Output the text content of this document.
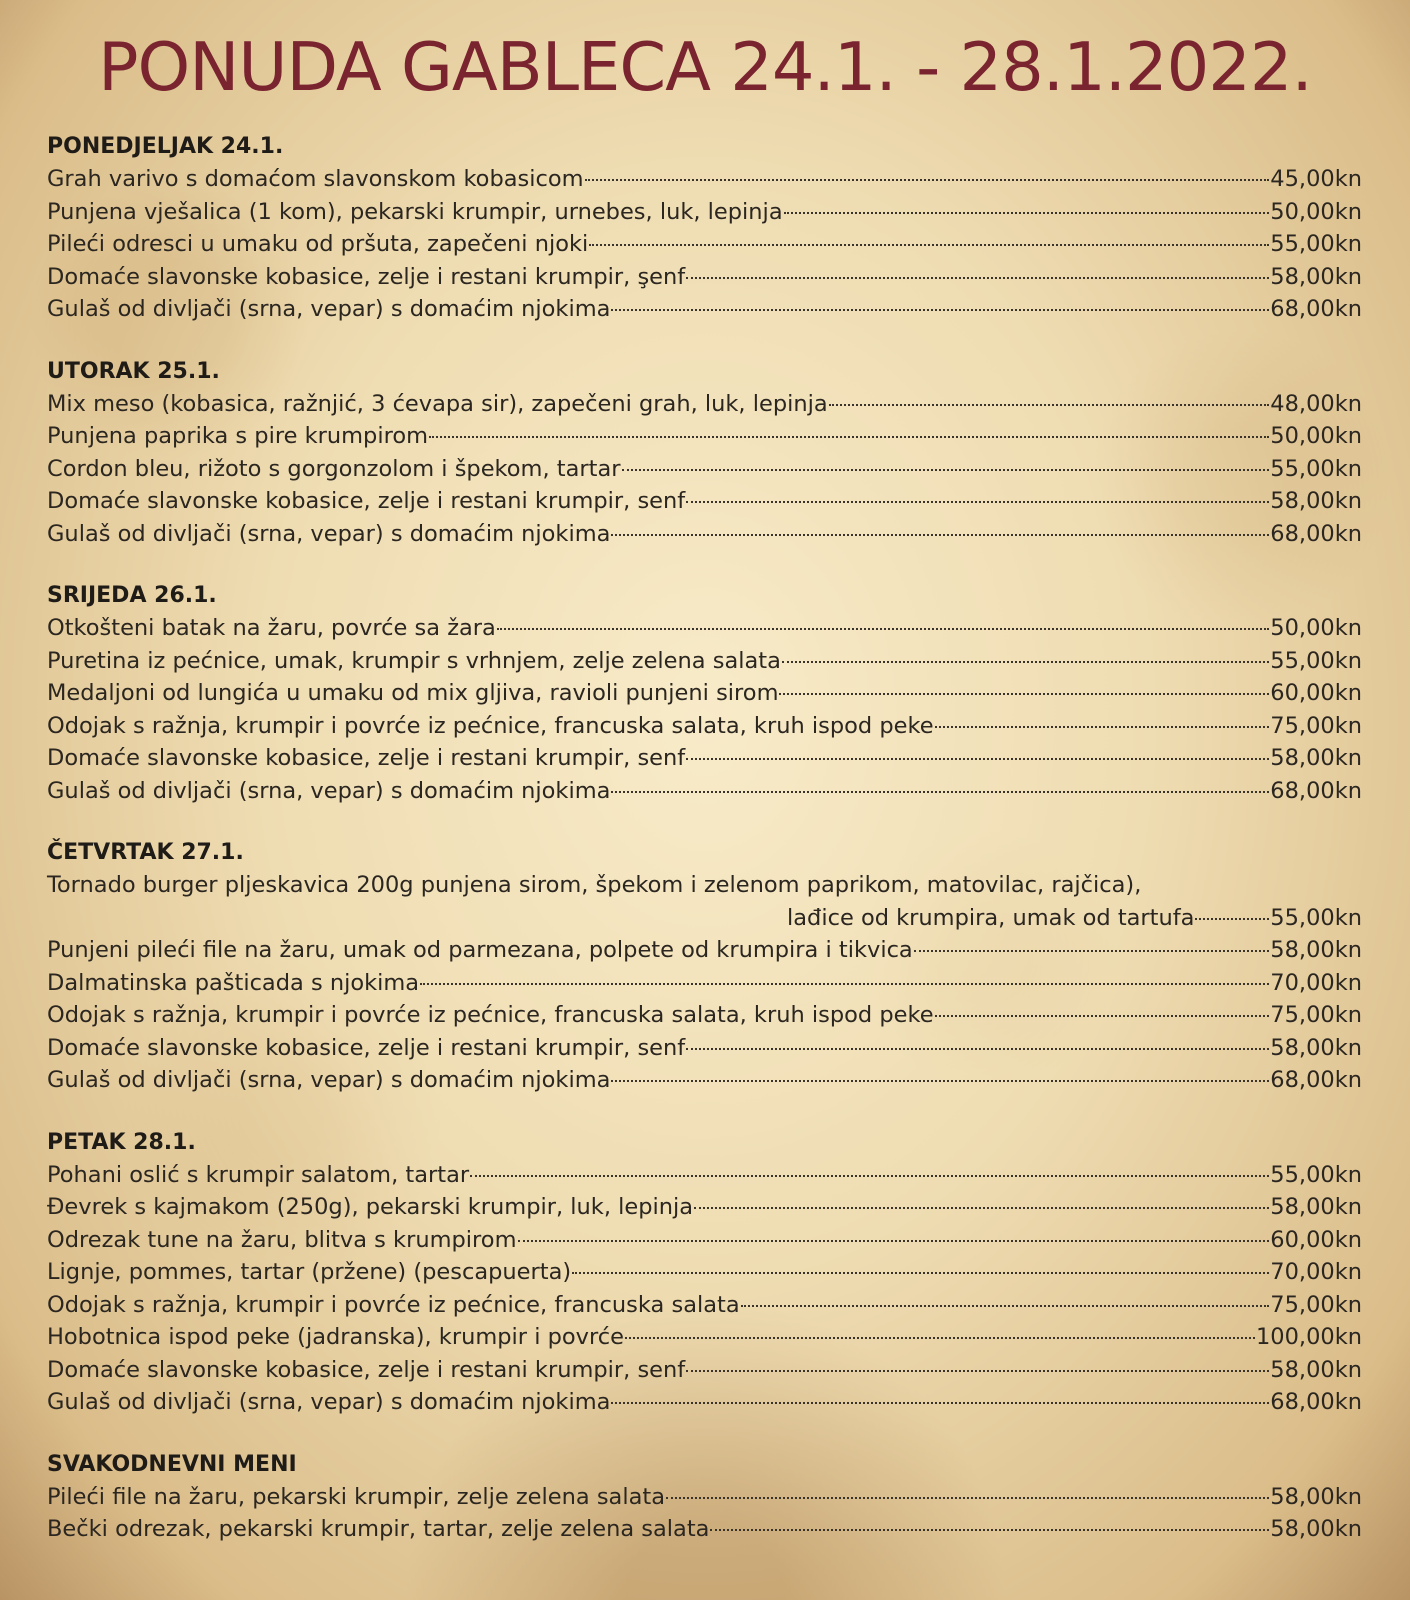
PONUDA GABLECA 24.1. - 28.1.2022.
PONEDJELJAK 24.1.
Grah varivo s domaćom slavonskom kobasicom	45,00kn
Punjena vješalica (1 kom), pekarski krumpir, urnebes, luk, lepinja	50,00kn
Pileći odresci u umaku od pršuta, zapečeni njoki	55,00kn
Domaće slavonske kobasice, zelje i restani krumpir, şenf	58,00kn
Gulaš od divljači (srna, vepar) s domaćim njokima	68,00kn
UTORAK 25.1.
Mix meso (kobasica, ražnjić, 3 ćevapa sir), zapečeni grah, luk, lepinja	48,00kn
Punjena paprika s pire krumpirom	50,00kn
Cordon bleu, rižoto s gorgonzolom i špekom, tartar	55,00kn
Domaće slavonske kobasice, zelje i restani krumpir, senf	58,00kn
Gulaš od divljači (srna, vepar) s domaćim njokima	68,00kn
SRIJEDA 26.1.
Otkošteni batak na žaru, povrće sa žara	50,00kn
Puretina iz pećnice, umak, krumpir s vrhnjem, zelje zelena salata	55,00kn
Medaljoni od lungića u umaku od mix gljiva, ravioli punjeni sirom	60,00kn
Odojak s ražnja, krumpir i povrće iz pećnice, francuska salata, kruh ispod peke	75,00kn
Domaće slavonske kobasice, zelje i restani krumpir, senf	58,00kn
Gulaš od divljači (srna, vepar) s domaćim njokima	68,00kn
ČETVRTAK 27.1.
Tornado burger pljeskavica 200g punjena sirom, špekom i zelenom paprikom, matovilac, rajčica),
lađice od krumpira, umak od tartufa	55,00kn
Punjeni pileći file na žaru, umak od parmezana, polpete od krumpira i tikvica	58,00kn
Dalmatinska pašticada s njokima	70,00kn
Odojak s ražnja, krumpir i povrće iz pećnice, francuska salata, kruh ispod peke	75,00kn
Domaće slavonske kobasice, zelje i restani krumpir, senf	58,00kn
Gulaš od divljači (srna, vepar) s domaćim njokima	68,00kn
PETAK 28.1.
Pohani oslić s krumpir salatom, tartar	55,00kn
Đevrek s kajmakom (250g), pekarski krumpir, luk, lepinja	58,00kn
Odrezak tune na žaru, blitva s krumpirom	60,00kn
Lignje, pommes, tartar (pržene) (pescapuerta)	70,00kn
Odojak s ražnja, krumpir i povrće iz pećnice, francuska salata	75,00kn
Hobotnica ispod peke (jadranska), krumpir i povrće	100,00kn
Domaće slavonske kobasice, zelje i restani krumpir, senf	58,00kn
Gulaš od divljači (srna, vepar) s domaćim njokima	68,00kn
SVAKODNEVNI MENI
Pileći file na žaru, pekarski krumpir, zelje zelena salata	58,00kn
Bečki odrezak, pekarski krumpir, tartar, zelje zelena salata	58,00kn
